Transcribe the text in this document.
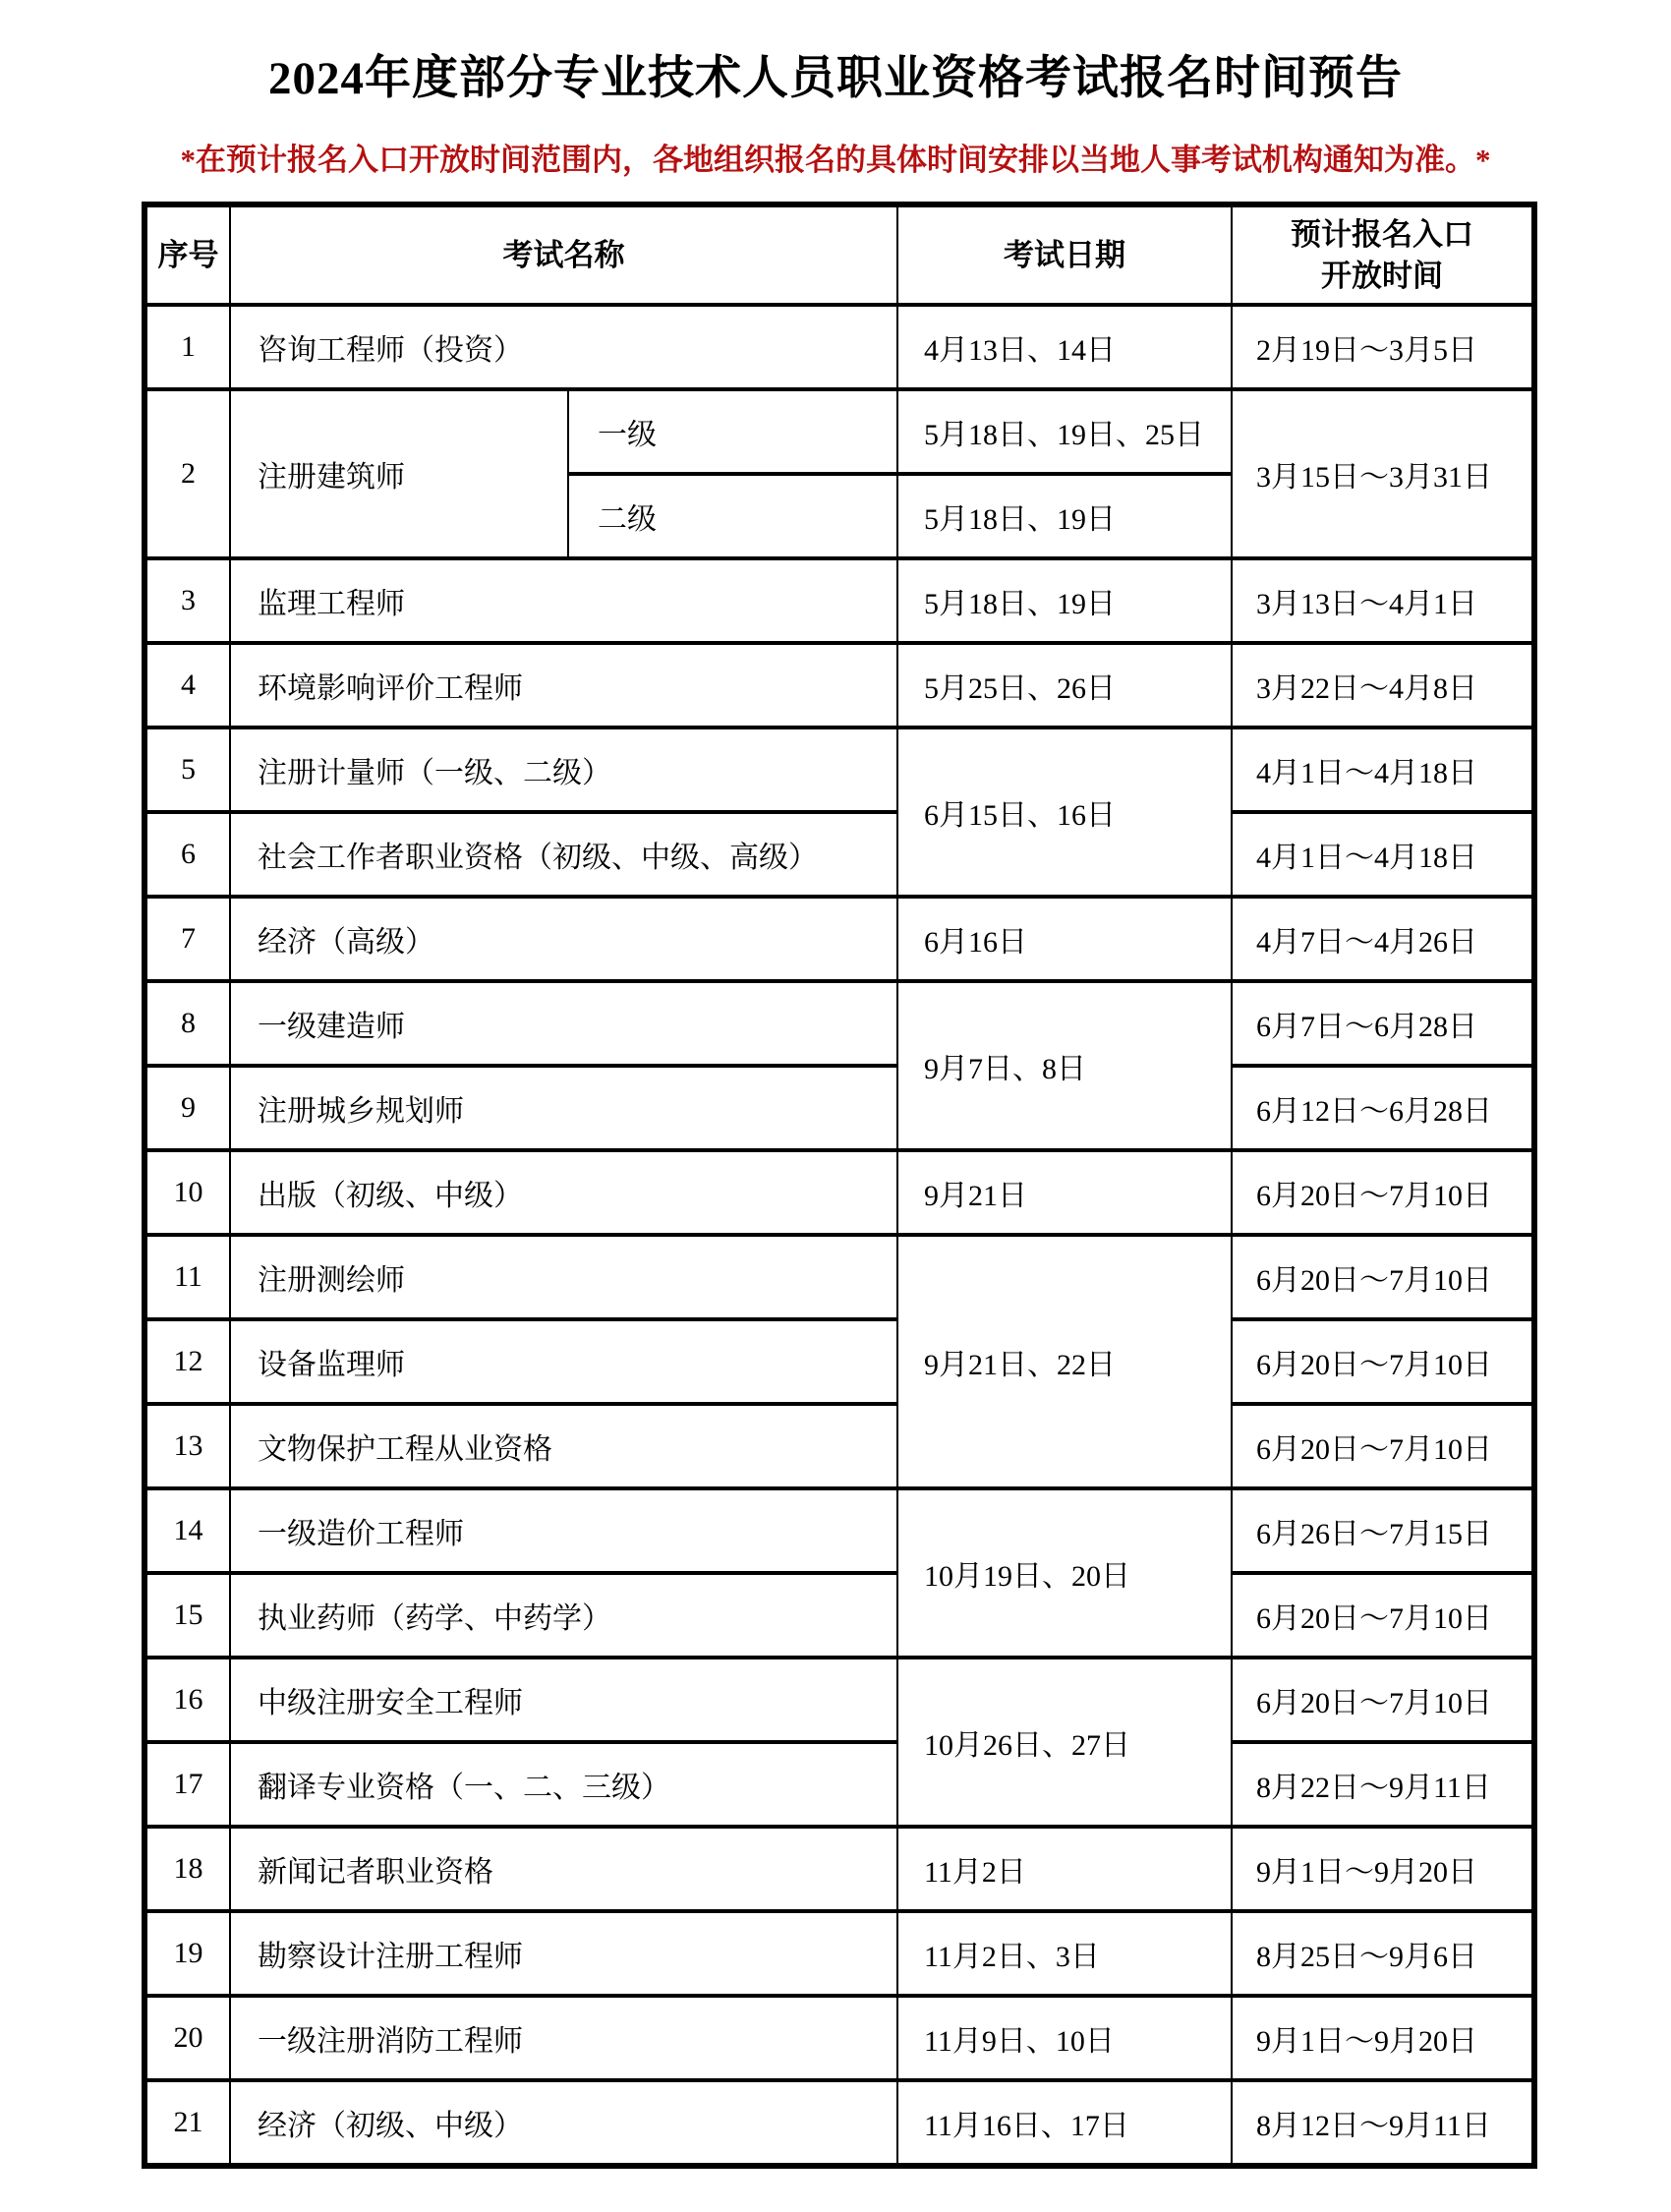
2024年度部分专业技术人员职业资格考试报名时间预告
*在预计报名入口开放时间范围内，各地组织报名的具体时间安排以当地人事考试机构通知为准。*
序号	考试名称		考试日期	预计报名入口
开放时间

1	咨询工程师（投资）		4月13日、14日	2月19日～3月5日
2	注册建筑师	一级	5月18日、19日、25日	3月15日～3月31日
		二级	5月18日、19日	
3	监理工程师		5月18日、19日	3月13日～4月1日
4	环境影响评价工程师		5月25日、26日	3月22日～4月8日
5	注册计量师（一级、二级）		6月15日、16日	4月1日～4月18日
6	社会工作者职业资格（初级、中级、高级）			4月1日～4月18日
7	经济（高级）		6月16日	4月7日～4月26日
8	一级建造师		9月7日、8日	6月7日～6月28日
9	注册城乡规划师			6月12日～6月28日
10	出版（初级、中级）		9月21日	6月20日～7月10日
11	注册测绘师		9月21日、22日	6月20日～7月10日
12	设备监理师			6月20日～7月10日
13	文物保护工程从业资格			6月20日～7月10日
14	一级造价工程师		10月19日、20日	6月26日～7月15日
15	执业药师（药学、中药学）			6月20日～7月10日
16	中级注册安全工程师		10月26日、27日	6月20日～7月10日
17	翻译专业资格（一、二、三级）			8月22日～9月11日
18	新闻记者职业资格		11月2日	9月1日～9月20日
19	勘察设计注册工程师		11月2日、3日	8月25日～9月6日
20	一级注册消防工程师		11月9日、10日	9月1日～9月20日
21	经济（初级、中级）		11月16日、17日	8月12日～9月11日
